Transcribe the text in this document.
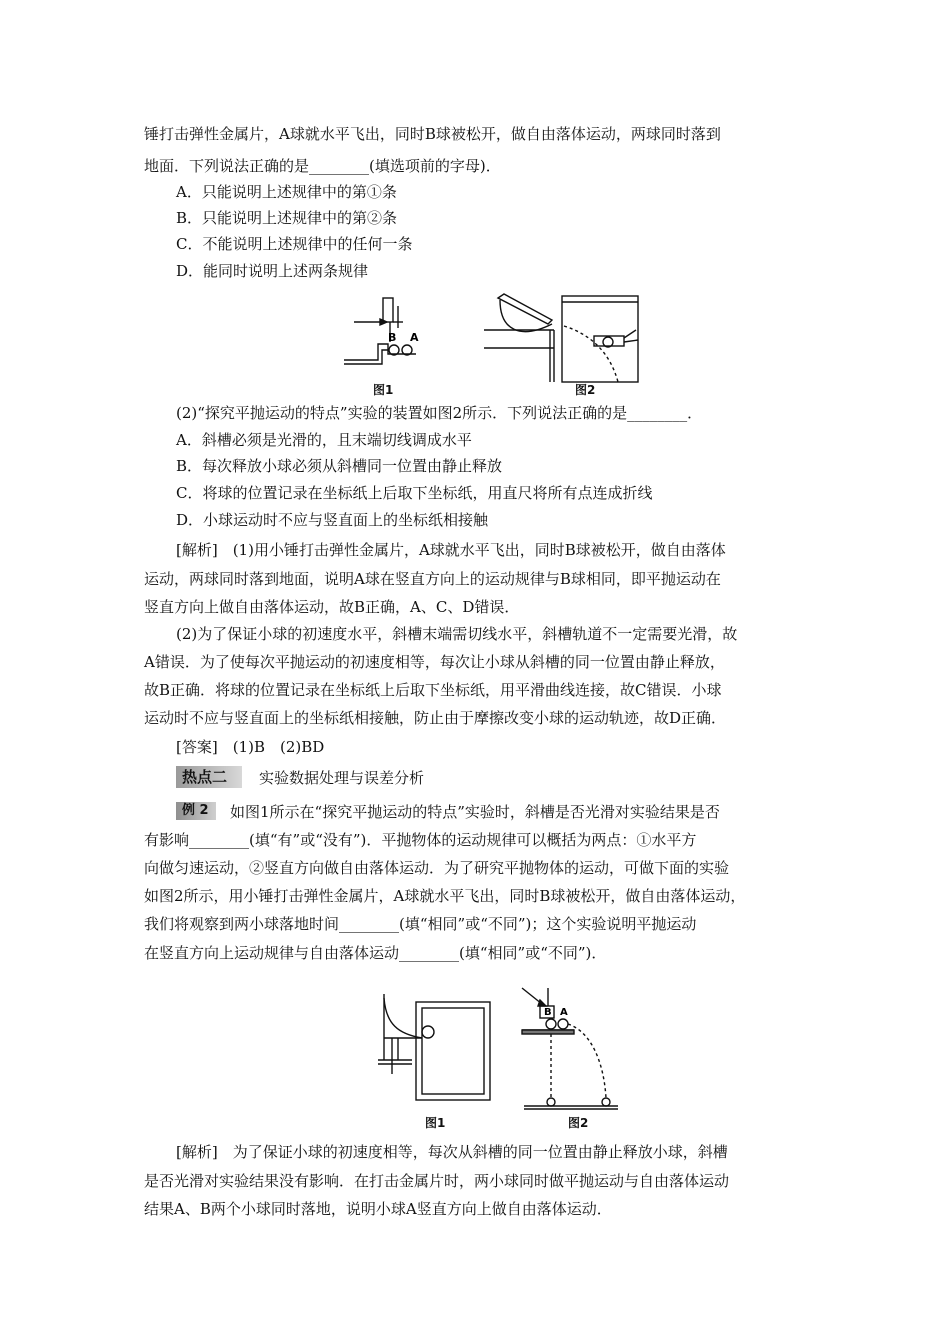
锤打击弹性金属片，A球就水平飞出，同时B球被松开，做自由落体运动，两球同时落到
地面．下列说法正确的是________(填选项前的字母)．
A．只能说明上述规律中的第①条
B．只能说明上述规律中的第②条
C．不能说明上述规律中的任何一条
D．能同时说明上述两条规律
B A
图1	图2
(2)“探究平抛运动的特点”实验的装置如图2所示．下列说法正确的是________．
A．斜槽必须是光滑的，且末端切线调成水平
B．每次释放小球必须从斜槽同一位置由静止释放
C．将球的位置记录在坐标纸上后取下坐标纸，用直尺将所有点连成折线
D．小球运动时不应与竖直面上的坐标纸相接触
[解析]　(1)用小锤打击弹性金属片，A球就水平飞出，同时B球被松开，做自由落体
运动，两球同时落到地面，说明A球在竖直方向上的运动规律与B球相同，即平抛运动在
竖直方向上做自由落体运动，故B正确，A、C、D错误．
(2)为了保证小球的初速度水平，斜槽末端需切线水平，斜槽轨道不一定需要光滑，故
A错误．为了使每次平抛运动的初速度相等，每次让小球从斜槽的同一位置由静止释放，
故B正确．将球的位置记录在坐标纸上后取下坐标纸，用平滑曲线连接，故C错误．小球
运动时不应与竖直面上的坐标纸相接触，防止由于摩擦改变小球的运动轨迹，故D正确．
[答案]　(1)B　(2)BD
热点二	实验数据处理与误差分析
例 2	如图1所示在“探究平抛运动的特点”实验时，斜槽是否光滑对实验结果是否
有影响________(填“有”或“没有”)．平抛物体的运动规律可以概括为两点：①水平方
向做匀速运动，②竖直方向做自由落体运动．为了研究平抛物体的运动，可做下面的实验
如图2所示，用小锤打击弹性金属片，A球就水平飞出，同时B球被松开，做自由落体运动，
我们将观察到两小球落地时间________(填“相同”或“不同”)；这个实验说明平抛运动
在竖直方向上运动规律与自由落体运动________(填“相同”或“不同”)．
图1
B A
图2
[解析]　为了保证小球的初速度相等，每次从斜槽的同一位置由静止释放小球，斜槽
是否光滑对实验结果没有影响．在打击金属片时，两小球同时做平抛运动与自由落体运动
结果A、B两个小球同时落地，说明小球A竖直方向上做自由落体运动．
